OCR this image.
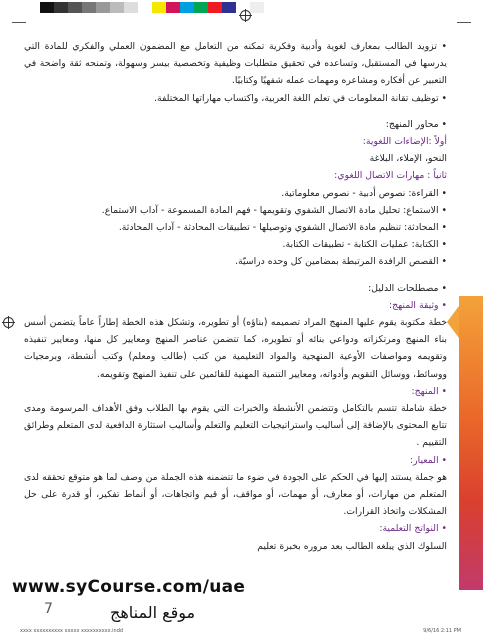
• تزويد الطالب بمعارف لغوية وأدبية وفكرية تمكنه من التعامل مع المضمون العملي والفكري للمادة التي يدرسها في المستقبل، وتساعده في تحقيق متطلبات وظيفية وتخصصية بيسر وسهولة، وتمنحه ثقة واضحة في التعبير عن أفكاره ومشاعره ومهمات عمله شفهيًا وكتابيًا.

• توظيف تقانة المعلومات في تعلم اللغة العربية، واكتساب مهاراتها المختلفة.

• محاور المنهج:

أولاً :الإضاءات اللغوية:

النحو، الإملاء، البلاغة

ثانياً : مهارات الاتصال اللغوي:

• القراءة: نصوص أدبية - نصوص معلوماتية.

• الاستماع: تحليل مادة الاتصال الشفوي وتقويمها - فهم المادة المسموعة - آداب الاستماع.

• المحادثة: تنظيم مادة الاتصال الشفوي وتوصيلها - تطبيقات المحادثة - آداب المحادثة.

• الكتابة: عمليات الكتابة - تطبيقات الكتابة.

• القصص الرافدة المرتبطة بمضامين كل وحده دراسيّة.

• مصطلحات الدليل:

• وثيقة المنهج:

خطة مكتوبة يقوم عليها المنهج المراد تصميمه (بناؤه) أو تطويره، وتشكل هذه الخطة إطاراً عاماً يتضمن أسس بناء المنهج ومرتكزاته ودواعي بنائه أو تطويره، كما تتضمن عناصر المنهج ومعايير كل منها، ومعايير تنفيذه وتقويمه ومواصفات الأوعية المنهجية والمواد التعليمية من كتب (طالب ومعلم) وكتب أنشطة، وبرمجيات ووسائط، ووسائل التقويم وأدواته، ومعايير التنمية المهنية للقائمين على تنفيذ المنهج وتقويمه.

• المنهج:

خطة شاملة تتسم بالتكامل وتتضمن الأنشطة والخبرات التي يقوم بها الطلاب وفق الأهداف المرسومة ومدى تتابع المحتوى بالإضافة إلى أساليب واستراتيجيات التعليم والتعلم وأساليب استثارة الدافعية لدى المتعلم وطرائق التقييم .

• المعيار:

هو جملة يستند إليها في الحكم على الجودة في ضوء ما تتضمنه هذه الجملة من وصف لما هو متوقع تحققه لدى المتعلم من مهارات، أو معارف، أو مهمات، أو مواقف، أو قيم واتجاهات، أو أنماط تفكير، أو قدرة على حل المشكلات واتخاذ القرارات.

• النواتج التعلمية:

السلوك الذي يبلغه الطالب بعد مروره بخبرة تعليم

www.syCourse.com/uae
موقع المناهج
7
xxxx xxxxxxxxxx xxxxx xxxxxxxxxx.indd	9/6/16 2:11 PM
